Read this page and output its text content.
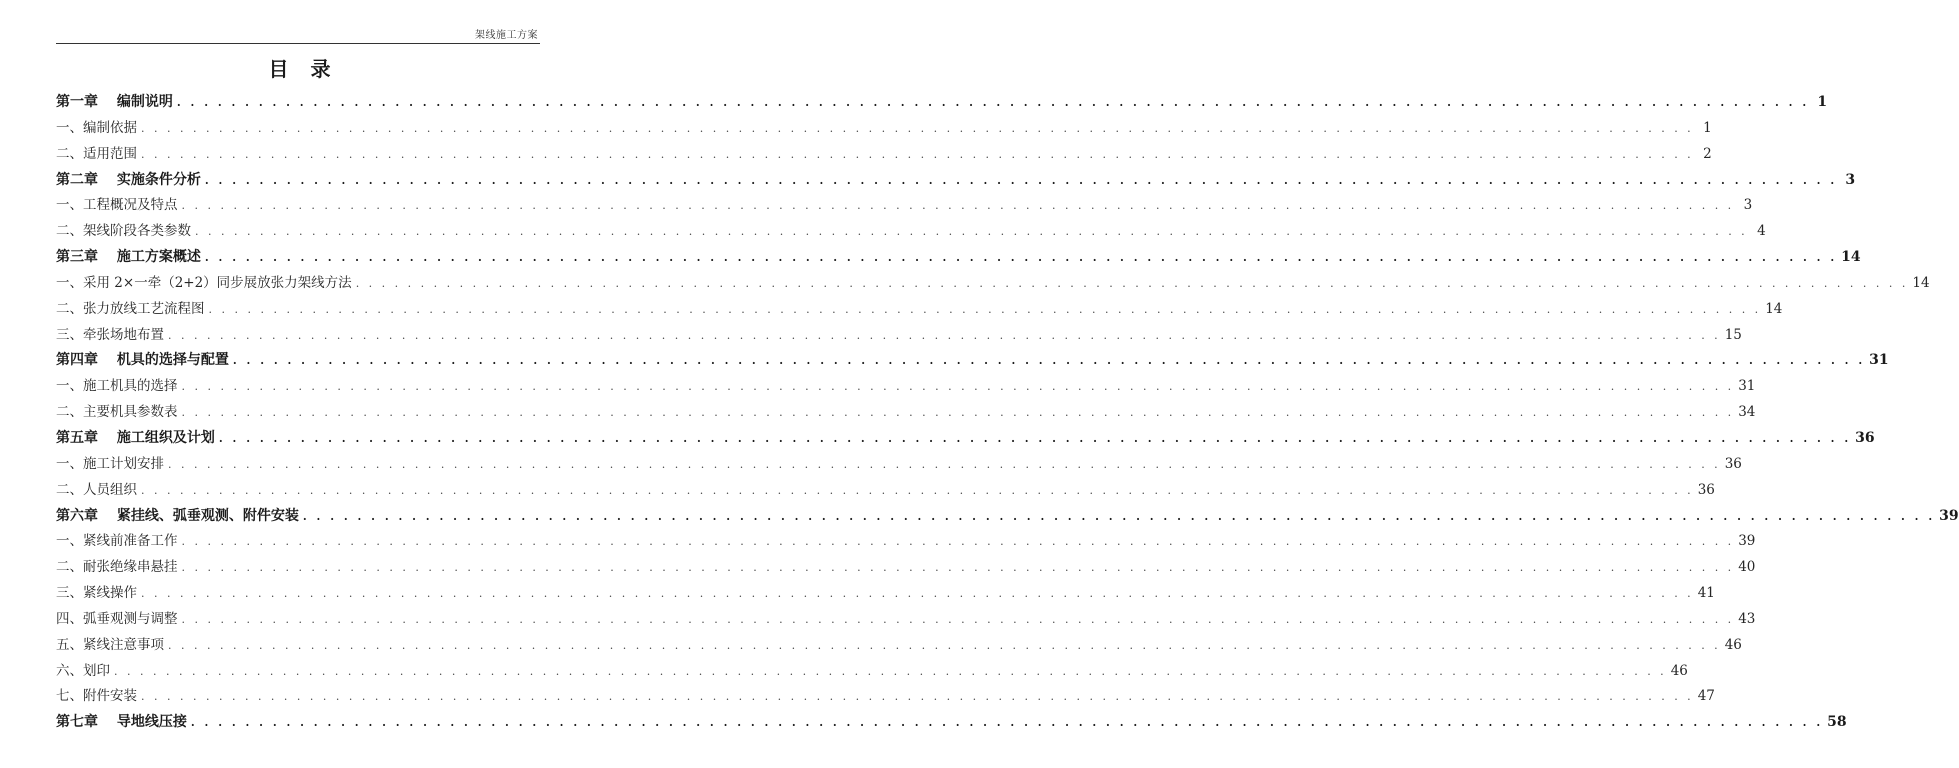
架线施工方案
目　录
第一章　 编制说明 . . . . . . . . . . . . . . . . . . . . . . . . . . . . . . . . . . . . . . . . . . . . . . . . . . . . . . . . . . . . . . . . . . . . . . . . . . . . . . . . . . . . . . . . . . . . . . . . . . . . . . . . . . . . . . . . . . . . . . . . 1
一、编制依据 . . . . . . . . . . . . . . . . . . . . . . . . . . . . . . . . . . . . . . . . . . . . . . . . . . . . . . . . . . . . . . . . . . . . . . . . . . . . . . . . . . . . . . . . . . . . . . . . . . . . . . . . . . . . . . . . . . . . . . . . 1
二、适用范围 . . . . . . . . . . . . . . . . . . . . . . . . . . . . . . . . . . . . . . . . . . . . . . . . . . . . . . . . . . . . . . . . . . . . . . . . . . . . . . . . . . . . . . . . . . . . . . . . . . . . . . . . . . . . . . . . . . . . . . . . 2
第二章　 实施条件分析 . . . . . . . . . . . . . . . . . . . . . . . . . . . . . . . . . . . . . . . . . . . . . . . . . . . . . . . . . . . . . . . . . . . . . . . . . . . . . . . . . . . . . . . . . . . . . . . . . . . . . . . . . . . . . . . . . . . . . . . . 3
一、工程概况及特点 . . . . . . . . . . . . . . . . . . . . . . . . . . . . . . . . . . . . . . . . . . . . . . . . . . . . . . . . . . . . . . . . . . . . . . . . . . . . . . . . . . . . . . . . . . . . . . . . . . . . . . . . . . . . . . . . . . . . . . . . 3
二、架线阶段各类参数 . . . . . . . . . . . . . . . . . . . . . . . . . . . . . . . . . . . . . . . . . . . . . . . . . . . . . . . . . . . . . . . . . . . . . . . . . . . . . . . . . . . . . . . . . . . . . . . . . . . . . . . . . . . . . . . . . . . . . . . . 4
第三章　 施工方案概述 . . . . . . . . . . . . . . . . . . . . . . . . . . . . . . . . . . . . . . . . . . . . . . . . . . . . . . . . . . . . . . . . . . . . . . . . . . . . . . . . . . . . . . . . . . . . . . . . . . . . . . . . . . . . . . . . . . . . . . . . 14
一、采用 2×一牵（2+2）同步展放张力架线方法 . . . . . . . . . . . . . . . . . . . . . . . . . . . . . . . . . . . . . . . . . . . . . . . . . . . . . . . . . . . . . . . . . . . . . . . . . . . . . . . . . . . . . . . . . . . . . . . . . . . . . . . . . . . . . . . . . . . . . . . . 14
二、张力放线工艺流程图 . . . . . . . . . . . . . . . . . . . . . . . . . . . . . . . . . . . . . . . . . . . . . . . . . . . . . . . . . . . . . . . . . . . . . . . . . . . . . . . . . . . . . . . . . . . . . . . . . . . . . . . . . . . . . . . . . . . . . . . . 14
三、牵张场地布置 . . . . . . . . . . . . . . . . . . . . . . . . . . . . . . . . . . . . . . . . . . . . . . . . . . . . . . . . . . . . . . . . . . . . . . . . . . . . . . . . . . . . . . . . . . . . . . . . . . . . . . . . . . . . . . . . . . . . . . . . 15
第四章　 机具的选择与配置 . . . . . . . . . . . . . . . . . . . . . . . . . . . . . . . . . . . . . . . . . . . . . . . . . . . . . . . . . . . . . . . . . . . . . . . . . . . . . . . . . . . . . . . . . . . . . . . . . . . . . . . . . . . . . . . . . . . . . . . . 31
一、施工机具的选择 . . . . . . . . . . . . . . . . . . . . . . . . . . . . . . . . . . . . . . . . . . . . . . . . . . . . . . . . . . . . . . . . . . . . . . . . . . . . . . . . . . . . . . . . . . . . . . . . . . . . . . . . . . . . . . . . . . . . . . . . 31
二、主要机具参数表 . . . . . . . . . . . . . . . . . . . . . . . . . . . . . . . . . . . . . . . . . . . . . . . . . . . . . . . . . . . . . . . . . . . . . . . . . . . . . . . . . . . . . . . . . . . . . . . . . . . . . . . . . . . . . . . . . . . . . . . . 34
第五章　 施工组织及计划 . . . . . . . . . . . . . . . . . . . . . . . . . . . . . . . . . . . . . . . . . . . . . . . . . . . . . . . . . . . . . . . . . . . . . . . . . . . . . . . . . . . . . . . . . . . . . . . . . . . . . . . . . . . . . . . . . . . . . . . . 36
一、施工计划安排 . . . . . . . . . . . . . . . . . . . . . . . . . . . . . . . . . . . . . . . . . . . . . . . . . . . . . . . . . . . . . . . . . . . . . . . . . . . . . . . . . . . . . . . . . . . . . . . . . . . . . . . . . . . . . . . . . . . . . . . . 36
二、人员组织 . . . . . . . . . . . . . . . . . . . . . . . . . . . . . . . . . . . . . . . . . . . . . . . . . . . . . . . . . . . . . . . . . . . . . . . . . . . . . . . . . . . . . . . . . . . . . . . . . . . . . . . . . . . . . . . . . . . . . . . . 36
第六章　 紧挂线、弧垂观测、附件安装 . . . . . . . . . . . . . . . . . . . . . . . . . . . . . . . . . . . . . . . . . . . . . . . . . . . . . . . . . . . . . . . . . . . . . . . . . . . . . . . . . . . . . . . . . . . . . . . . . . . . . . . . . . . . . . . . . . . . . . . . 39
一、紧线前准备工作 . . . . . . . . . . . . . . . . . . . . . . . . . . . . . . . . . . . . . . . . . . . . . . . . . . . . . . . . . . . . . . . . . . . . . . . . . . . . . . . . . . . . . . . . . . . . . . . . . . . . . . . . . . . . . . . . . . . . . . . . 39
二、耐张绝缘串悬挂 . . . . . . . . . . . . . . . . . . . . . . . . . . . . . . . . . . . . . . . . . . . . . . . . . . . . . . . . . . . . . . . . . . . . . . . . . . . . . . . . . . . . . . . . . . . . . . . . . . . . . . . . . . . . . . . . . . . . . . . . 40
三、紧线操作 . . . . . . . . . . . . . . . . . . . . . . . . . . . . . . . . . . . . . . . . . . . . . . . . . . . . . . . . . . . . . . . . . . . . . . . . . . . . . . . . . . . . . . . . . . . . . . . . . . . . . . . . . . . . . . . . . . . . . . . . 41
四、弧垂观测与调整 . . . . . . . . . . . . . . . . . . . . . . . . . . . . . . . . . . . . . . . . . . . . . . . . . . . . . . . . . . . . . . . . . . . . . . . . . . . . . . . . . . . . . . . . . . . . . . . . . . . . . . . . . . . . . . . . . . . . . . . . 43
五、紧线注意事项 . . . . . . . . . . . . . . . . . . . . . . . . . . . . . . . . . . . . . . . . . . . . . . . . . . . . . . . . . . . . . . . . . . . . . . . . . . . . . . . . . . . . . . . . . . . . . . . . . . . . . . . . . . . . . . . . . . . . . . . . 46
六、划印 . . . . . . . . . . . . . . . . . . . . . . . . . . . . . . . . . . . . . . . . . . . . . . . . . . . . . . . . . . . . . . . . . . . . . . . . . . . . . . . . . . . . . . . . . . . . . . . . . . . . . . . . . . . . . . . . . . . . . . . . 46
七、附件安装 . . . . . . . . . . . . . . . . . . . . . . . . . . . . . . . . . . . . . . . . . . . . . . . . . . . . . . . . . . . . . . . . . . . . . . . . . . . . . . . . . . . . . . . . . . . . . . . . . . . . . . . . . . . . . . . . . . . . . . . . 47
第七章　 导地线压接 . . . . . . . . . . . . . . . . . . . . . . . . . . . . . . . . . . . . . . . . . . . . . . . . . . . . . . . . . . . . . . . . . . . . . . . . . . . . . . . . . . . . . . . . . . . . . . . . . . . . . . . . . . . . . . . . . . . . . . . . 58
